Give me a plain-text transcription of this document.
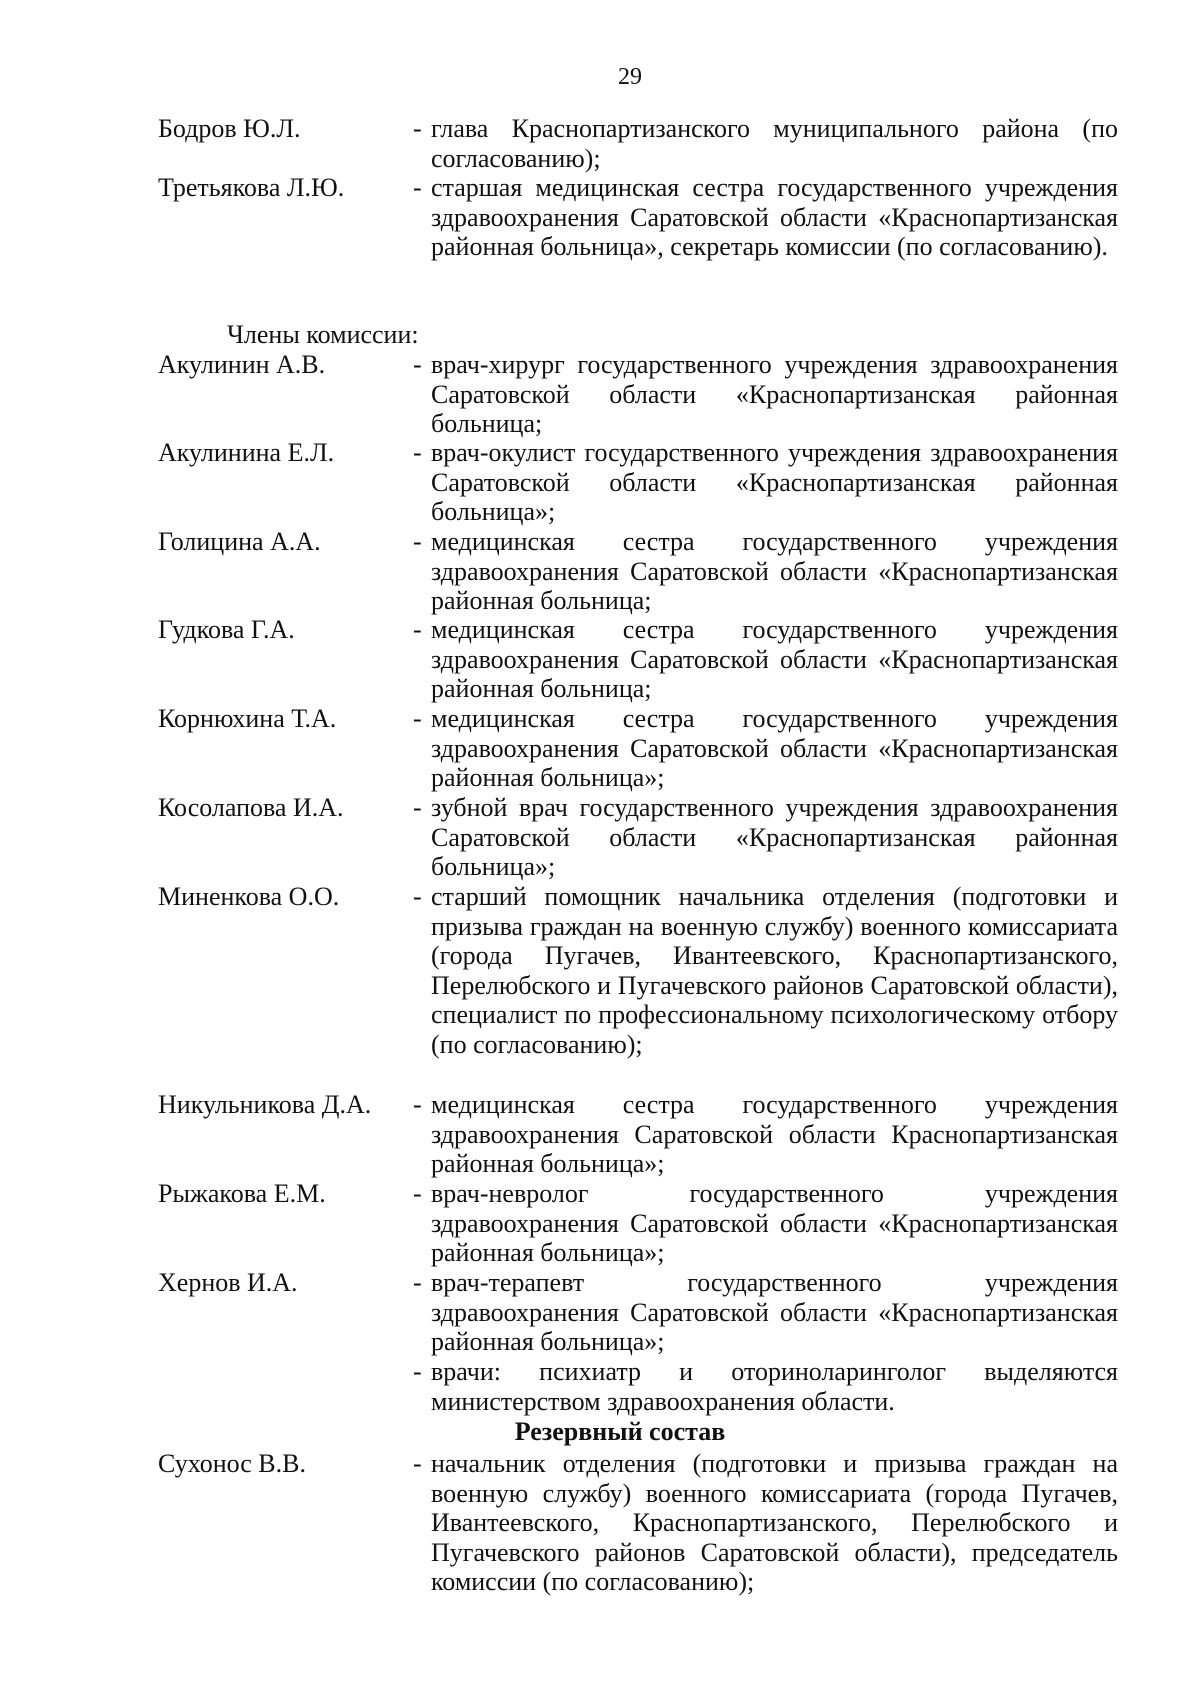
29
Бодров Ю.Л.	- глава Краснопартизанского муниципального района (по согласованию);
Третьякова Л.Ю.	- старшая медицинская сестра государственного учреждения здравоохранения Саратовской области «Краснопартизанская районная больница», секретарь комиссии (по согласованию).
Члены комиссии:
Акулинин А.В.	- врач-хирург государственного учреждения здравоохранения Саратовской области «Краснопартизанская районная больница;
Акулинина Е.Л.	- врач-окулист государственного учреждения здравоохранения Саратовской области «Краснопартизанская районная больница»;
Голицина А.А.	- медицинская сестра государственного учреждения здравоохранения Саратовской области «Краснопартизанская районная больница;
Гудкова Г.А.	- медицинская сестра государственного учреждения здравоохранения Саратовской области «Краснопартизанская районная больница;
Корнюхина Т.А.	- медицинская сестра государственного учреждения здравоохранения Саратовской области «Краснопартизанская районная больница»;
Косолапова И.А.	- зубной врач государственного учреждения здравоохранения Саратовской области «Краснопартизанская районная больница»;
Миненкова О.О.	- старший помощник начальника отделения (подготовки и призыва граждан на военную службу) военного комиссариата (города Пугачев, Ивантеевского, Краснопартизанского, Перелюбского и Пугачевского районов Саратовской области), специалист по профессиональному психологическому отбору (по согласованию);
Никульникова Д.А. - медицинская сестра государственного учреждения здравоохранения Саратовской области Краснопартизанская районная больница»;
Рыжакова Е.М.	- врач-невролог государственного учреждения здравоохранения Саратовской области «Краснопартизанская районная больница»;
Хернов И.А.	- врач-терапевт государственного учреждения здравоохранения Саратовской области «Краснопартизанская районная больница»;
- врачи: психиатр и оториноларинголог выделяются министерством здравоохранения области.
Резервный состав
Сухонос В.В.	- начальник отделения (подготовки и призыва граждан на военную службу) военного комиссариата (города Пугачев, Ивантеевского, Краснопартизанского, Перелюбского и Пугачевского районов Саратовской области), председатель комиссии (по согласованию);
